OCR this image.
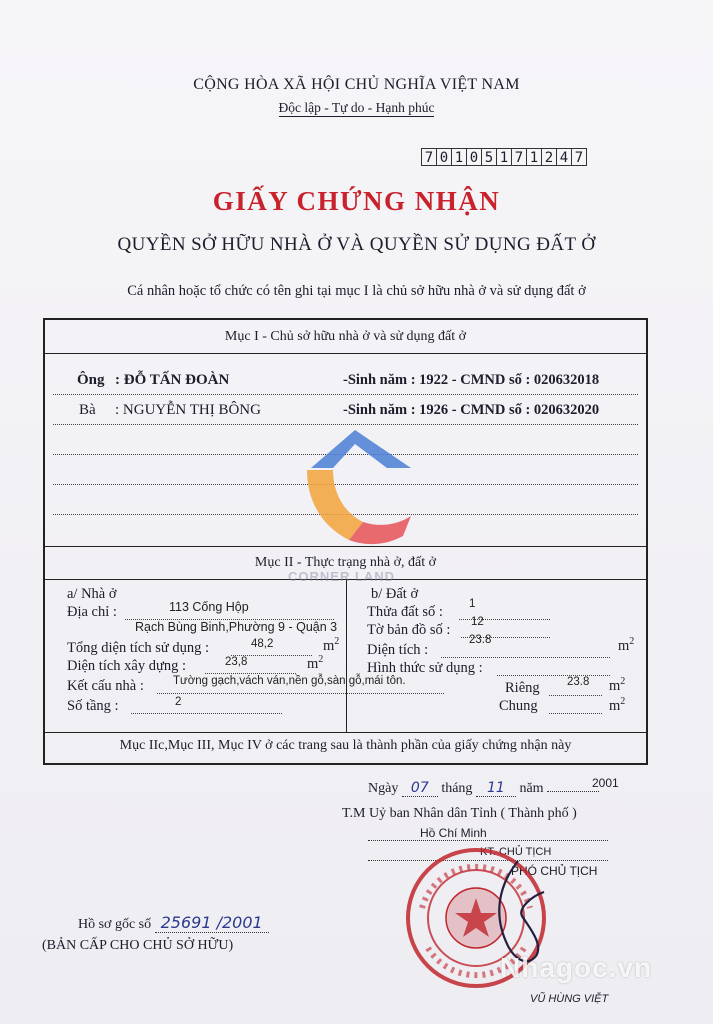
CỘNG HÒA XÃ HỘI CHỦ NGHĨA VIỆT NAM
Độc lập - Tự do - Hạnh phúc
7 0 1 0 5 1 7 1 2 4 7
GIẤY CHỨNG NHẬN
QUYỀN SỞ HỮU NHÀ Ở VÀ QUYỀN SỬ DỤNG ĐẤT Ở
Cá nhân hoặc tổ chức có tên ghi tại mục I là chủ sở hữu nhà ở và sử dụng đất ở
Mục I - Chủ sở hữu nhà ở và sử dụng đất ở
Ông : ĐỖ TẤN ĐOÀN	-Sinh năm : 1922 - CMND số : 020632018
Bà : NGUYỄN THỊ BÔNG	-Sinh năm : 1926 - CMND số : 020632020
Mục II - Thực trạng nhà ở, đất ở
a/ Nhà ở
Địa chỉ :	113 Cống Hộp
Rạch Bùng Binh,Phường 9 - Quận 3
Tổng diện tích sử dụng :	48,2	$m^2$
Diện tích xây dựng :	23,8	$m^2$
Kết cấu nhà :	Tường gạch,vách ván,nền gỗ,sàn gỗ,mái tôn.
Số tầng :	2
b/ Đất ở
Thửa đất số : 1
Tờ bản đồ số : 12
Diện tích :
23.8	$m^2$
Hình thức sử dụng :
Riêng 23.8 $m^2$
Chung	$m^2$
Mục IIc,Mục III, Mục IV ở các trang sau là thành phần của giấy chứng nhận này
CORNER LAND
Ngày 07 tháng 11 năm	2001
T.M Uỷ ban Nhân dân Tỉnh ( Thành phố )
Hồ Chí Minh
KT. CHỦ TỊCH
PHÓ CHỦ TỊCH
Hồ sơ gốc số 25691 /2001
(BẢN CẤP CHO CHỦ SỞ HỮU)
Nhagoc.vn
VŨ HÙNG VIỆT
